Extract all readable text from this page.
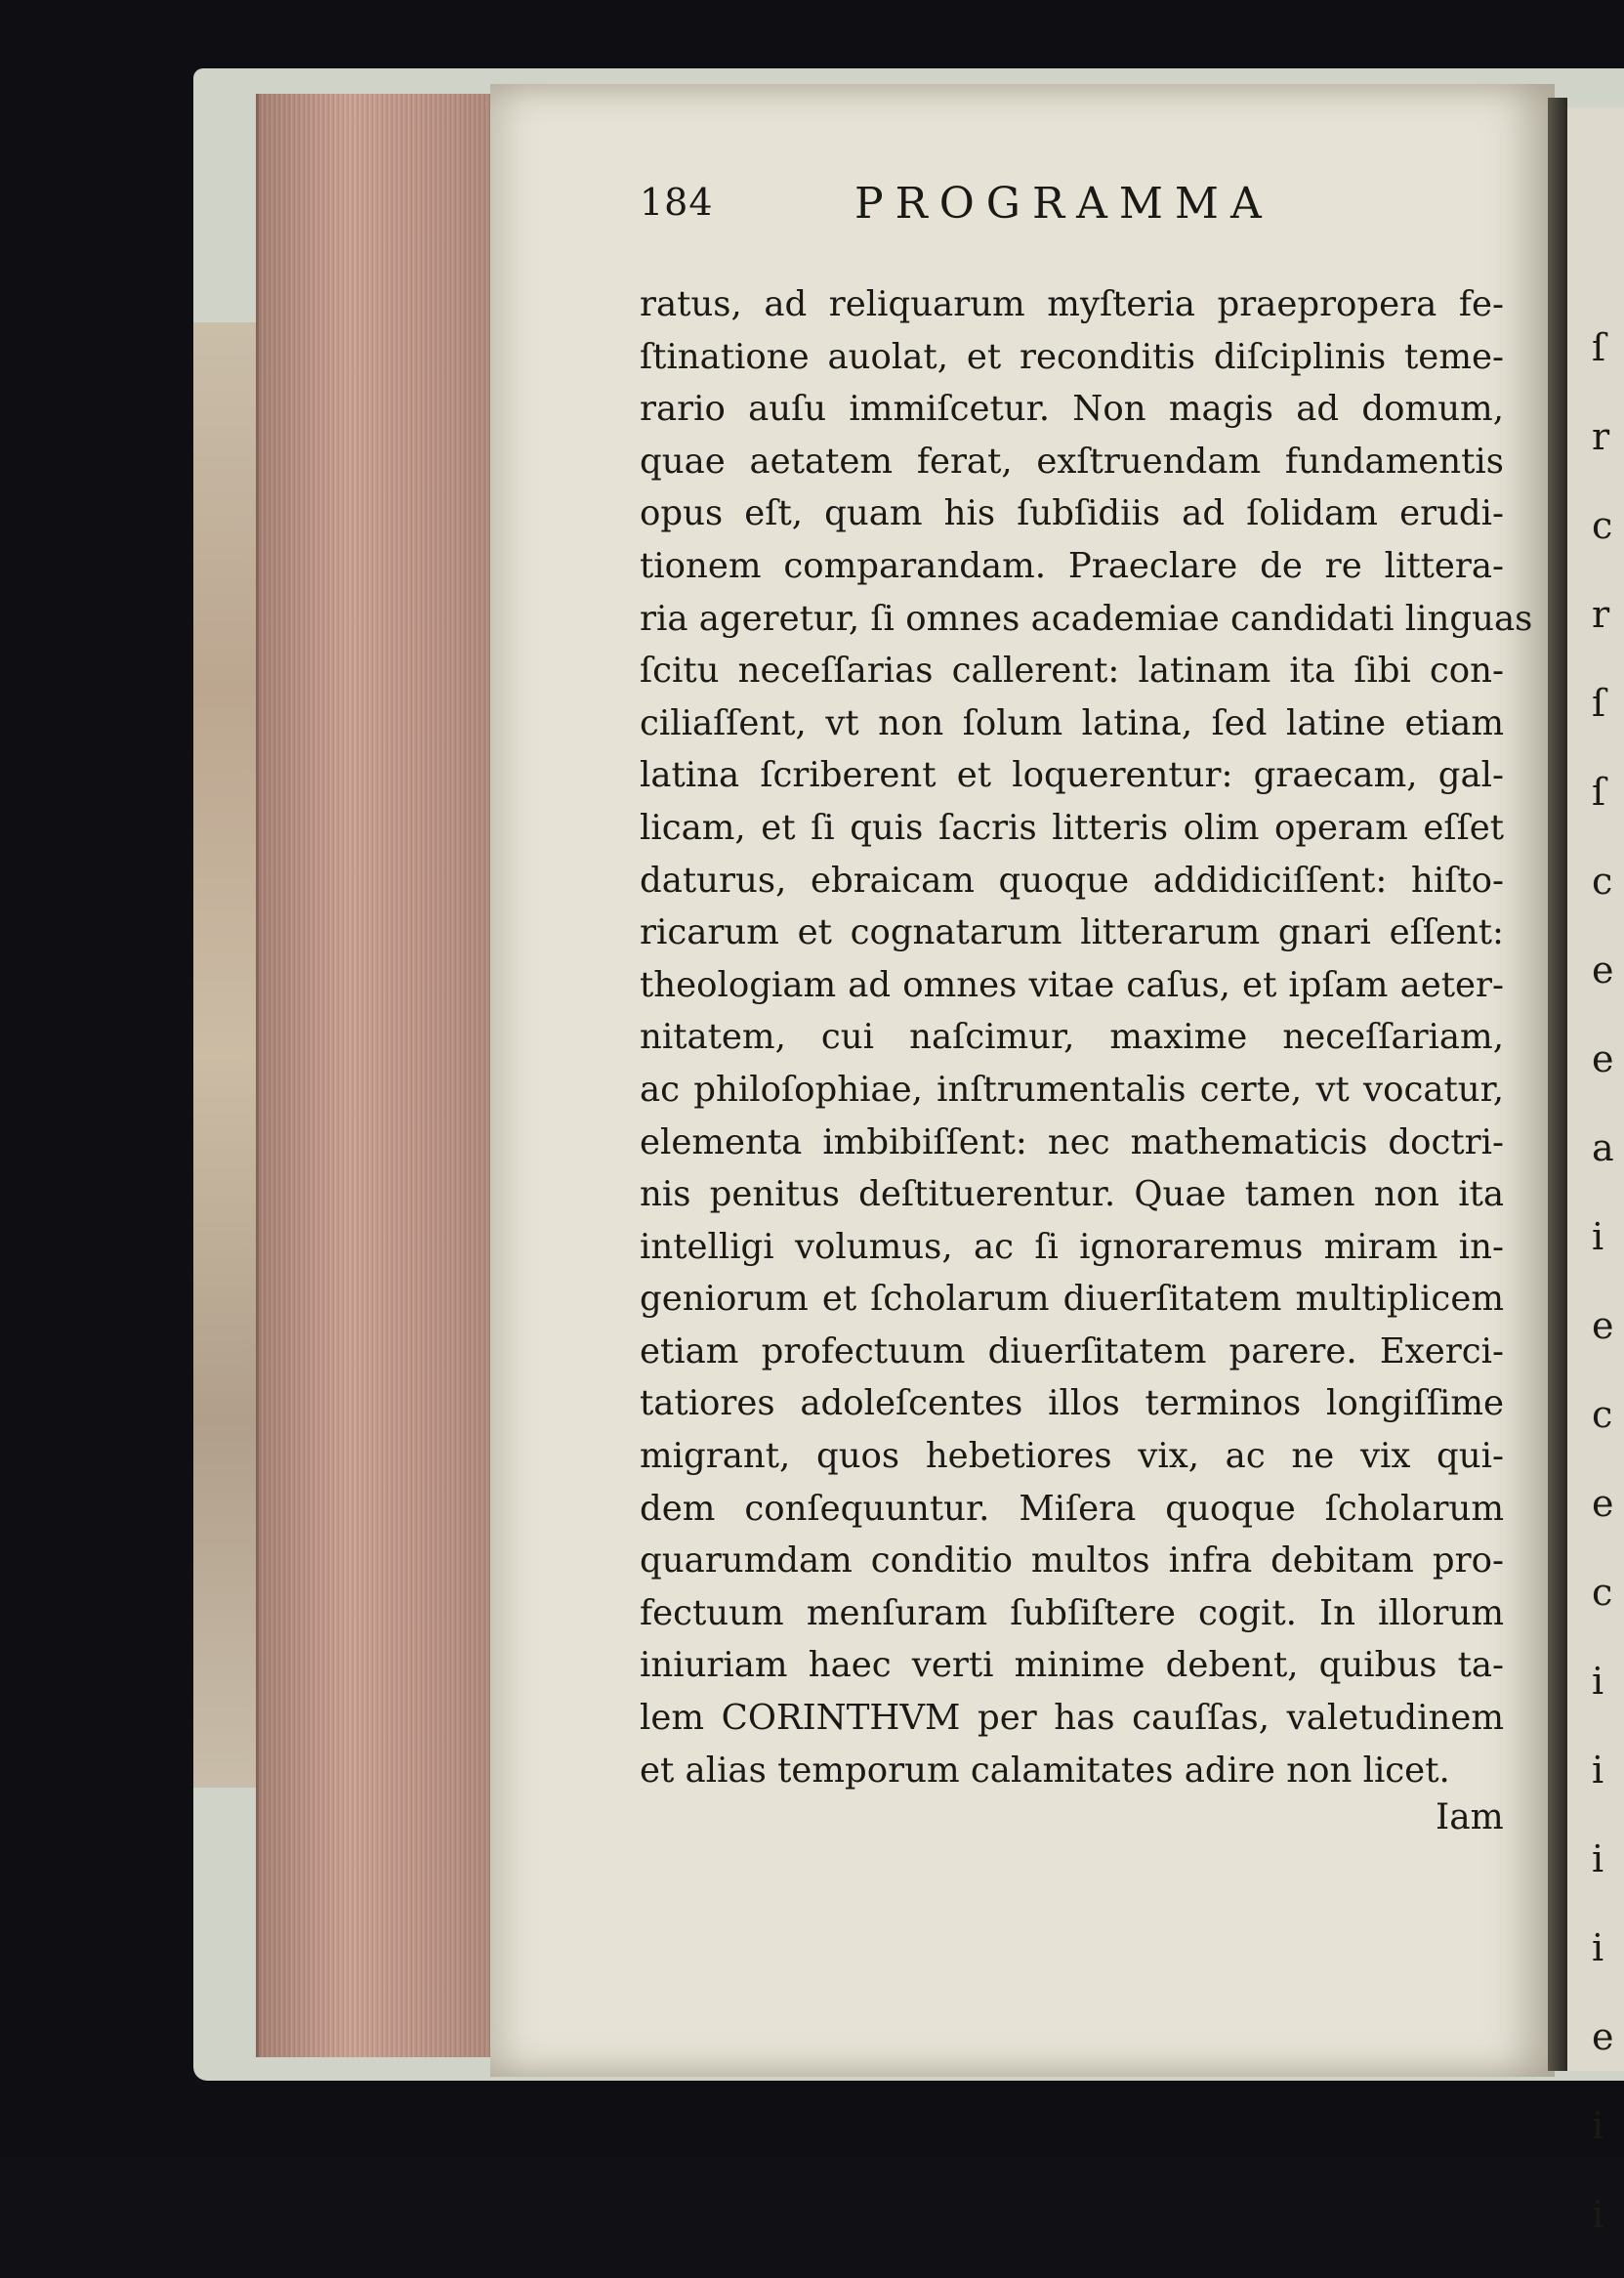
ſ
r
c
r
ſ
ſ
c
e
e
a
i
e
c
e
c
i
i
i
i
e
i
i
184	PROGRAMMA
ratus, ad reliquarum myſteria praepropera fe-
ſtinatione auolat, et reconditis diſciplinis teme-
rario auſu immiſcetur. Non magis ad domum,
quae aetatem ferat, exſtruendam fundamentis
opus eſt, quam his ſubſidiis ad ſolidam erudi-
tionem comparandam. Praeclare de re littera-
ria ageretur, ſi omnes academiae candidati linguas
ſcitu neceſſarias callerent: latinam ita ſibi con-
ciliaſſent, vt non ſolum latina, ſed latine etiam
latina ſcriberent et loquerentur: graecam, gal-
licam, et ſi quis ſacris litteris olim operam eſſet
daturus, ebraicam quoque addidiciſſent: hiſto-
ricarum et cognatarum litterarum gnari eſſent:
theologiam ad omnes vitae caſus, et ipſam aeter-
nitatem, cui naſcimur, maxime neceſſariam,
ac philoſophiae, inſtrumentalis certe, vt vocatur,
elementa imbibiſſent: nec mathematicis doctri-
nis penitus deſtituerentur. Quae tamen non ita
intelligi volumus, ac ſi ignoraremus miram in-
geniorum et ſcholarum diuerſitatem multiplicem
etiam profectuum diuerſitatem parere. Exerci-
tatiores adoleſcentes illos terminos longiſſime
migrant, quos hebetiores vix, ac ne vix qui-
dem conſequuntur. Miſera quoque ſcholarum
quarumdam conditio multos infra debitam pro-
fectuum menſuram ſubſiſtere cogit. In illorum
iniuriam haec verti minime debent, quibus ta-
lem CORINTHVM per has cauſſas, valetudinem
et alias temporum calamitates adire non licet.
Iam
